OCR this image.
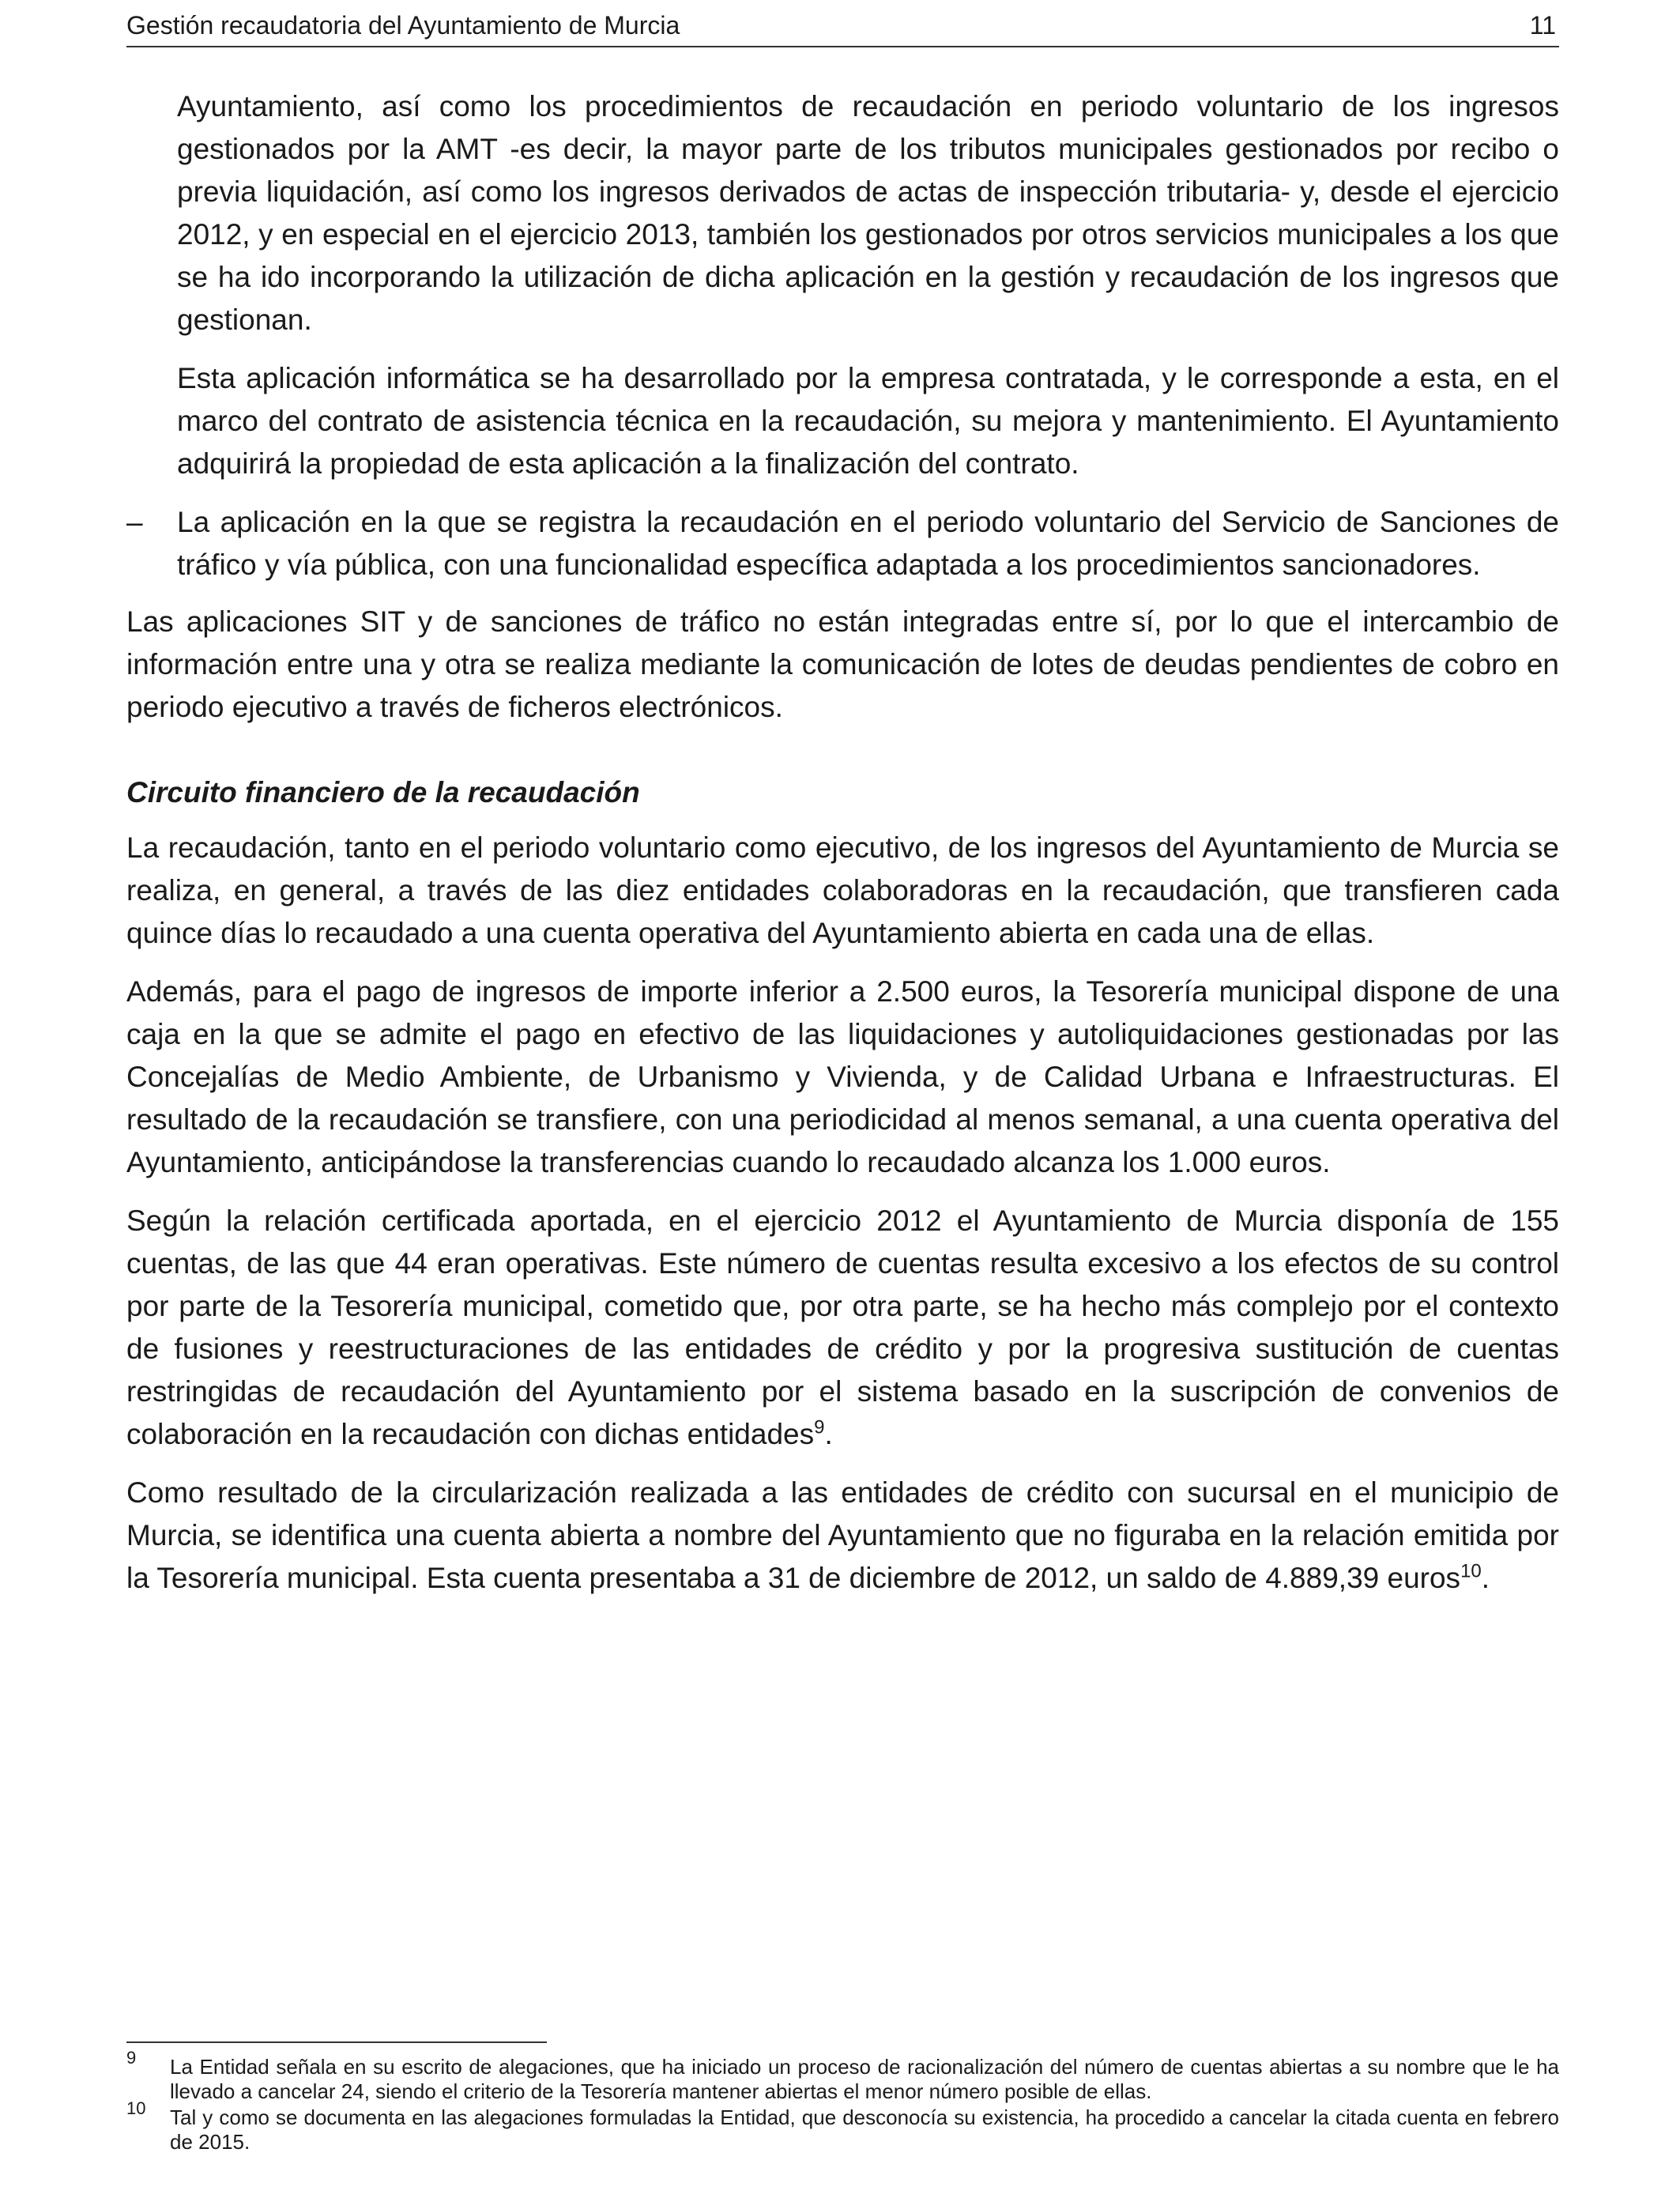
Gestión recaudatoria del Ayuntamiento de Murcia	11

Ayuntamiento, así como los procedimientos de recaudación en periodo voluntario de los ingresos gestionados por la AMT -es decir, la mayor parte de los tributos municipales gestionados por recibo o previa liquidación, así como los ingresos derivados de actas de inspección tributaria- y, desde el ejercicio 2012, y en especial en el ejercicio 2013, también los gestionados por otros servicios municipales a los que se ha ido incorporando la utilización de dicha aplicación en la gestión y recaudación de los ingresos que gestionan.

Esta aplicación informática se ha desarrollado por la empresa contratada, y le corresponde a esta, en el marco del contrato de asistencia técnica en la recaudación, su mejora y mantenimiento. El Ayuntamiento adquirirá la propiedad de esta aplicación a la finalización del contrato.

– La aplicación en la que se registra la recaudación en el periodo voluntario del Servicio de Sanciones de tráfico y vía pública, con una funcionalidad específica adaptada a los procedimientos sancionadores.

Las aplicaciones SIT y de sanciones de tráfico no están integradas entre sí, por lo que el intercambio de información entre una y otra se realiza mediante la comunicación de lotes de deudas pendientes de cobro en periodo ejecutivo a través de ficheros electrónicos.

Circuito financiero de la recaudación

La recaudación, tanto en el periodo voluntario como ejecutivo, de los ingresos del Ayuntamiento de Murcia se realiza, en general, a través de las diez entidades colaboradoras en la recaudación, que transfieren cada quince días lo recaudado a una cuenta operativa del Ayuntamiento abierta en cada una de ellas.

Además, para el pago de ingresos de importe inferior a 2.500 euros, la Tesorería municipal dispone de una caja en la que se admite el pago en efectivo de las liquidaciones y autoliquidaciones gestionadas por las Concejalías de Medio Ambiente, de Urbanismo y Vivienda, y de Calidad Urbana e Infraestructuras. El resultado de la recaudación se transfiere, con una periodicidad al menos semanal, a una cuenta operativa del Ayuntamiento, anticipándose la transferencias cuando lo recaudado alcanza los 1.000 euros.

Según la relación certificada aportada, en el ejercicio 2012 el Ayuntamiento de Murcia disponía de 155 cuentas, de las que 44 eran operativas. Este número de cuentas resulta excesivo a los efectos de su control por parte de la Tesorería municipal, cometido que, por otra parte, se ha hecho más complejo por el contexto de fusiones y reestructuraciones de las entidades de crédito y por la progresiva sustitución de cuentas restringidas de recaudación del Ayuntamiento por el sistema basado en la suscripción de convenios de colaboración en la recaudación con dichas entidades$^9$.

Como resultado de la circularización realizada a las entidades de crédito con sucursal en el municipio de Murcia, se identifica una cuenta abierta a nombre del Ayuntamiento que no figuraba en la relación emitida por la Tesorería municipal. Esta cuenta presentaba a 31 de diciembre de 2012, un saldo de 4.889,39 euros$^{10}$.

9 La Entidad señala en su escrito de alegaciones, que ha iniciado un proceso de racionalización del número de cuentas abiertas a su nombre que le ha llevado a cancelar 24, siendo el criterio de la Tesorería mantener abiertas el menor número posible de ellas.
10 Tal y como se documenta en las alegaciones formuladas la Entidad, que desconocía su existencia, ha procedido a cancelar la citada cuenta en febrero de 2015.
